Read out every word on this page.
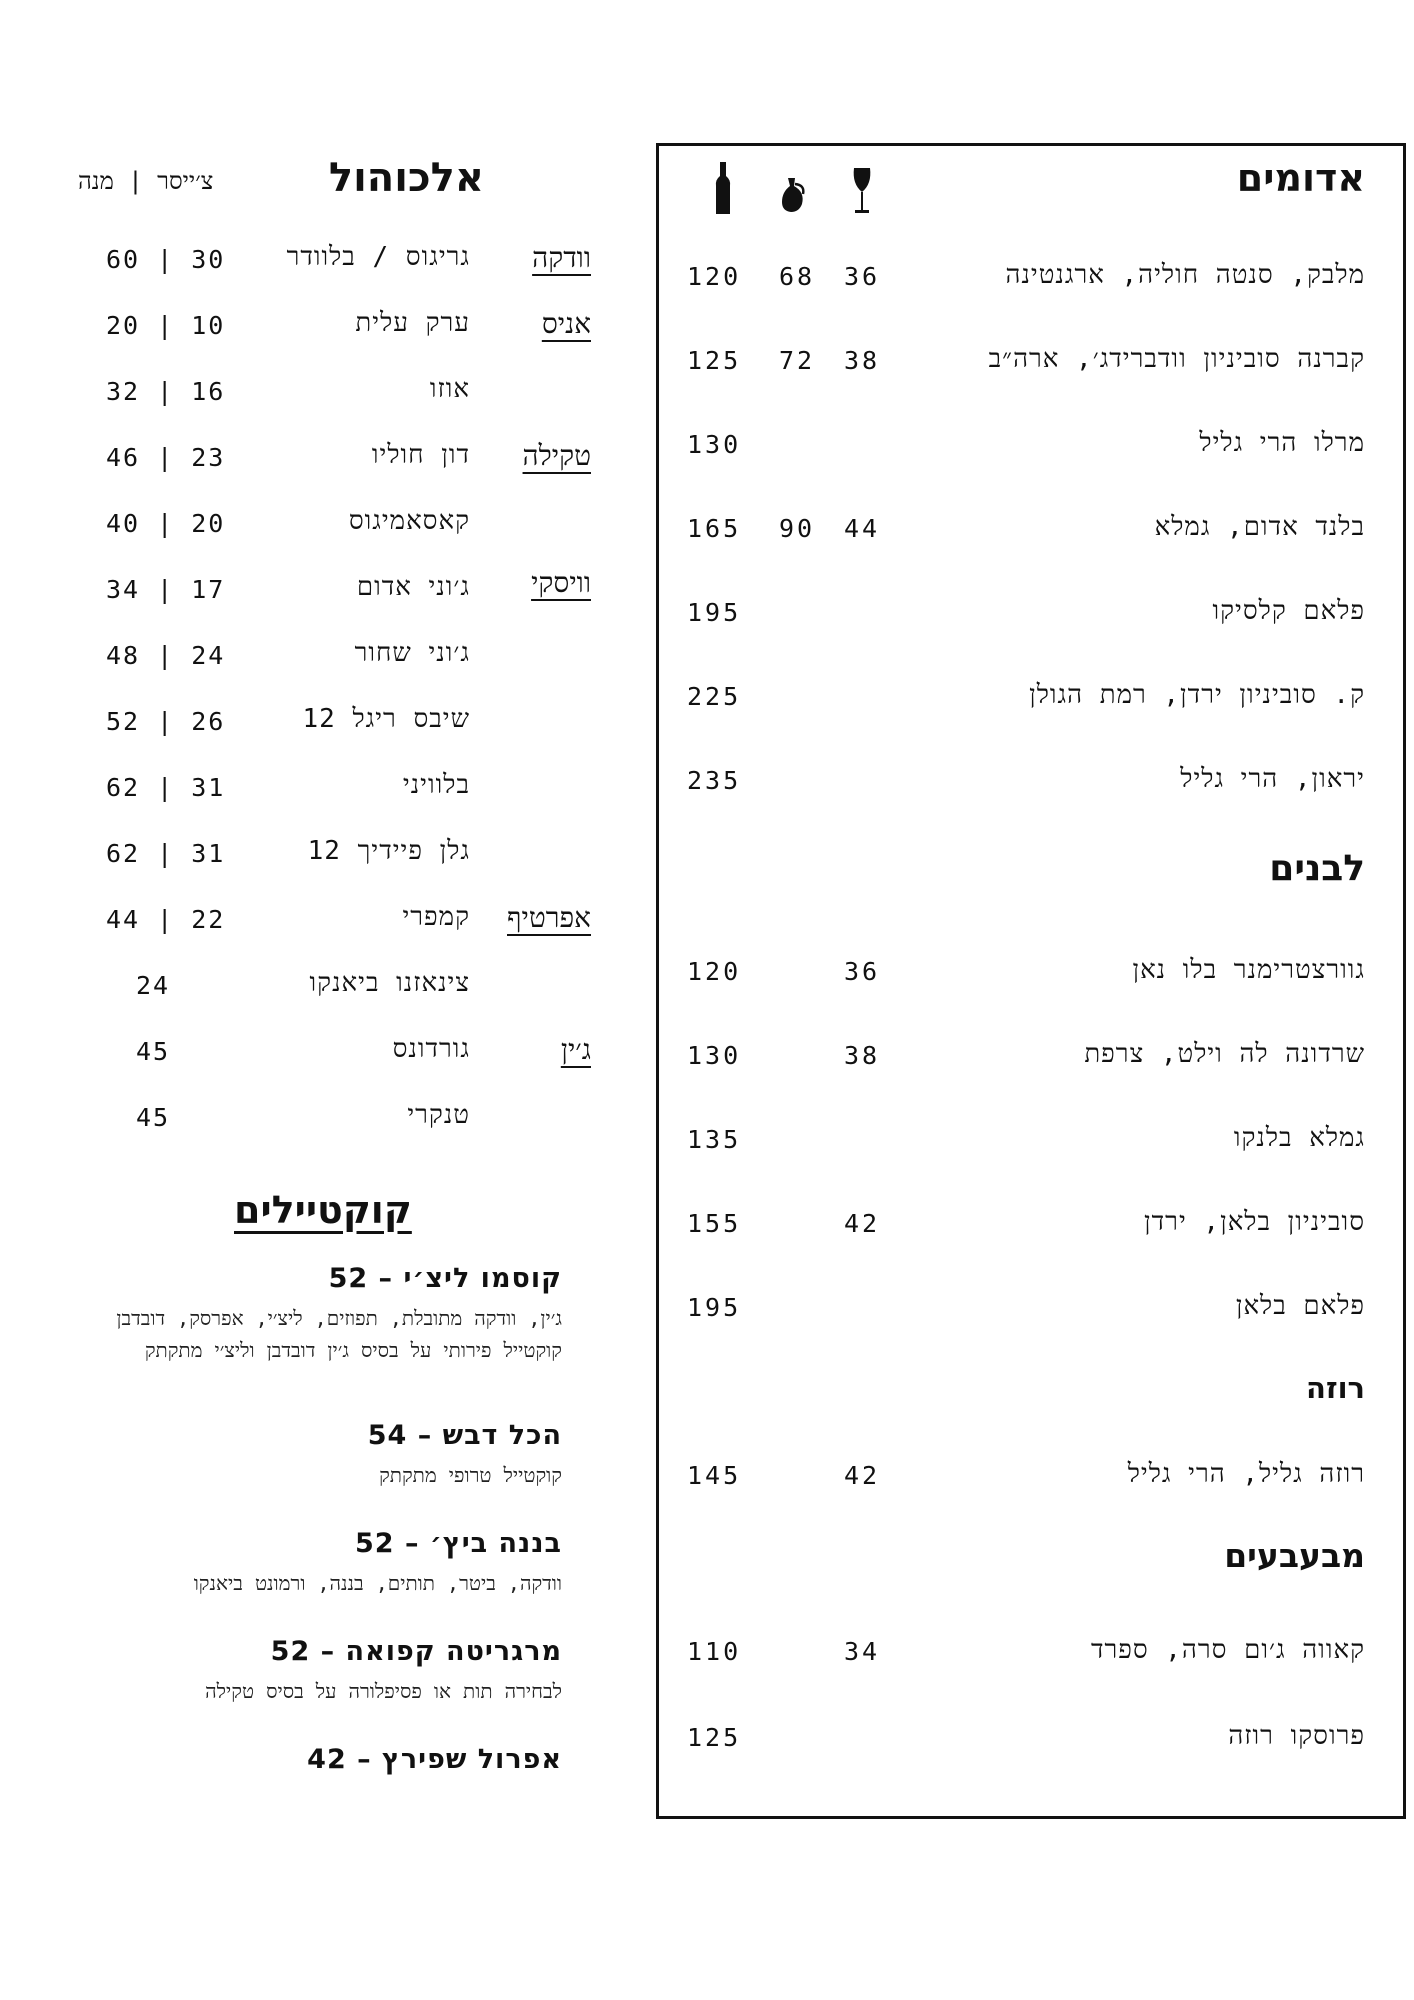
אדומים
לבנים
רוזה
מבעבעים
מלבק, סנטה חוליה, ארגנטינה
36
68
120
קברנה סוביניון וודברידג׳, ארה״ב
38
72
125
מרלו הרי גליל
130
בלנד אדום, גמלא
44
90
165
פלאם קלסיקו
195
ק. סוביניון ירדן, רמת הגולן
225
יראון, הרי גליל
235
גוורצטרימנר בלו נאן
36
120
שרדונה לה וילט, צרפת
38
130
גמלא בלנקו
135
סוביניון בלאן, ירדן
42
155
פלאם בלאן
195
רוזה גליל, הרי גליל
42
145
קאווה ג׳ום סרה, ספרד
34
110
פרוסקו רוזה
125
אלכוהול
צ׳ייסר | מנה
וודקה
גריגוס / בלוודר
60 | 30
אניס
ערק עלית
20 | 10
אוזו
32 | 16
טקילה
דון חוליו
46 | 23
קאסאמיגוס
40 | 20
וויסקי
ג׳וני אדום
34 | 17
ג׳וני שחור
48 | 24
שיבס ריגל 12
52 | 26
בלוויני
62 | 31
גלן פיידיך 12
62 | 31
אפרטיף
קמפרי
44 | 22
צינאזנו ביאנקו
24
ג׳ין
גורדונס
45
טנקרי
45
קוקטיילים
קוסמו ליצ׳י – 52
ג׳ין, וודקה מתובלת, תפוזים, ליצ׳י, אפרסק, דובדבן
קוקטייל פירותי על בסיס ג׳ין דובדבן וליצ׳י מתקתק
הכל דבש – 54
קוקטייל טרופי מתקתק
בננה ביץ׳ – 52
וודקה, ביטר, תותים, בננה, ורמונט ביאנקו
מרגריטה קפואה – 52
לבחירה תות או פסיפלורה על בסיס טקילה
אפרול שפירץ – 42
